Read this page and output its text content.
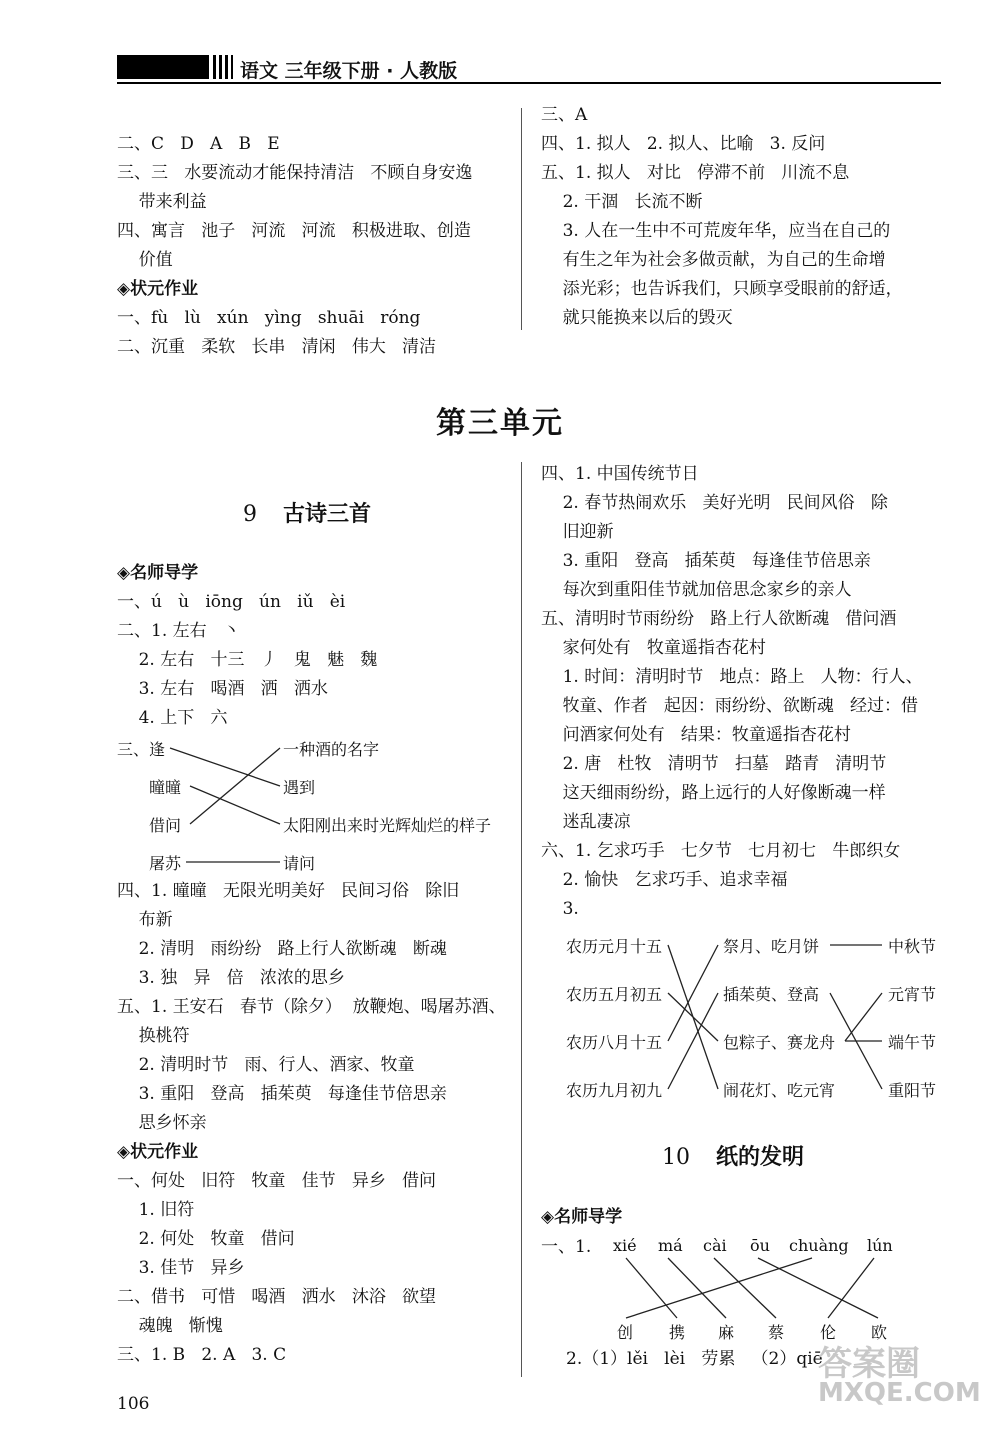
语文 三年级下册 · 人教版
二、C   D   A   B   E
三、三   水要流动才能保持清洁   不顾自身安逸
带来利益
四、寓言   池子   河流   河流   积极进取、创造
价值
◈状元作业
一、fù   lù   xún   yìng   shuāi   róng
二、沉重   柔软   长串   清闲   伟大   清洁
三、A
四、1. 拟人   2. 拟人、比喻   3. 反问
五、1. 拟人   对比   停滞不前   川流不息
2. 干涸   长流不断
3. 人在一生中不可荒废年华，应当在自己的
有生之年为社会多做贡献，为自己的生命增
添光彩；也告诉我们，只顾享受眼前的舒适，
就只能换来以后的毁灭
第三单元
9 古诗三首
◈名师导学
一、ú   ù   iōng   ún   iǔ   èi
二、1. 左右   丶
2. 左右   十三   丿   鬼   魅   魏
3. 左右   喝酒   洒   洒水
4. 上下   六
三、逢
曈曈
借问
屠苏
一种酒的名字
遇到
太阳刚出来时光辉灿烂的样子
请问
四、1. 曈曈   无限光明美好   民间习俗   除旧
布新
2. 清明   雨纷纷   路上行人欲断魂   断魂
3. 独   异   倍   浓浓的思乡
五、1. 王安石   春节（除夕）  放鞭炮、喝屠苏酒、
换桃符
2. 清明时节   雨、行人、酒家、牧童
3. 重阳   登高   插茱萸   每逢佳节倍思亲
思乡怀亲
◈状元作业
一、何处   旧符   牧童   佳节   异乡   借问
1. 旧符
2. 何处   牧童   借问
3. 佳节   异乡
二、借书   可惜   喝酒   洒水   沐浴   欲望
魂魄   惭愧
三、1. B   2. A   3. C
四、1. 中国传统节日
2. 春节热闹欢乐   美好光明   民间风俗   除
旧迎新
3. 重阳   登高   插茱萸   每逢佳节倍思亲
每次到重阳佳节就加倍思念家乡的亲人
五、清明时节雨纷纷   路上行人欲断魂   借问酒
家何处有   牧童遥指杏花村
1. 时间：清明时节   地点：路上   人物：行人、
牧童、作者   起因：雨纷纷、欲断魂   经过：借
问酒家何处有   结果：牧童遥指杏花村
2. 唐   杜牧   清明节   扫墓   踏青   清明节
这天细雨纷纷，路上远行的人好像断魂一样
迷乱凄凉
六、1. 乞求巧手   七夕节   七月初七   牛郎织女
2. 愉快   乞求巧手、追求幸福
3.
农历元月十五
农历五月初五
农历八月十五
农历九月初九
祭月、吃月饼
插茱萸、登高
包粽子、赛龙舟
闹花灯、吃元宵
中秋节
元宵节
端午节
重阳节
10 纸的发明
◈名师导学
一、1. xié má cài ōu chuàng lún
创 携 麻 蔡 伦 欧
2.（1）lěi   lèi   劳累   （2）qiē
106
答案圈
MXQE.COM
